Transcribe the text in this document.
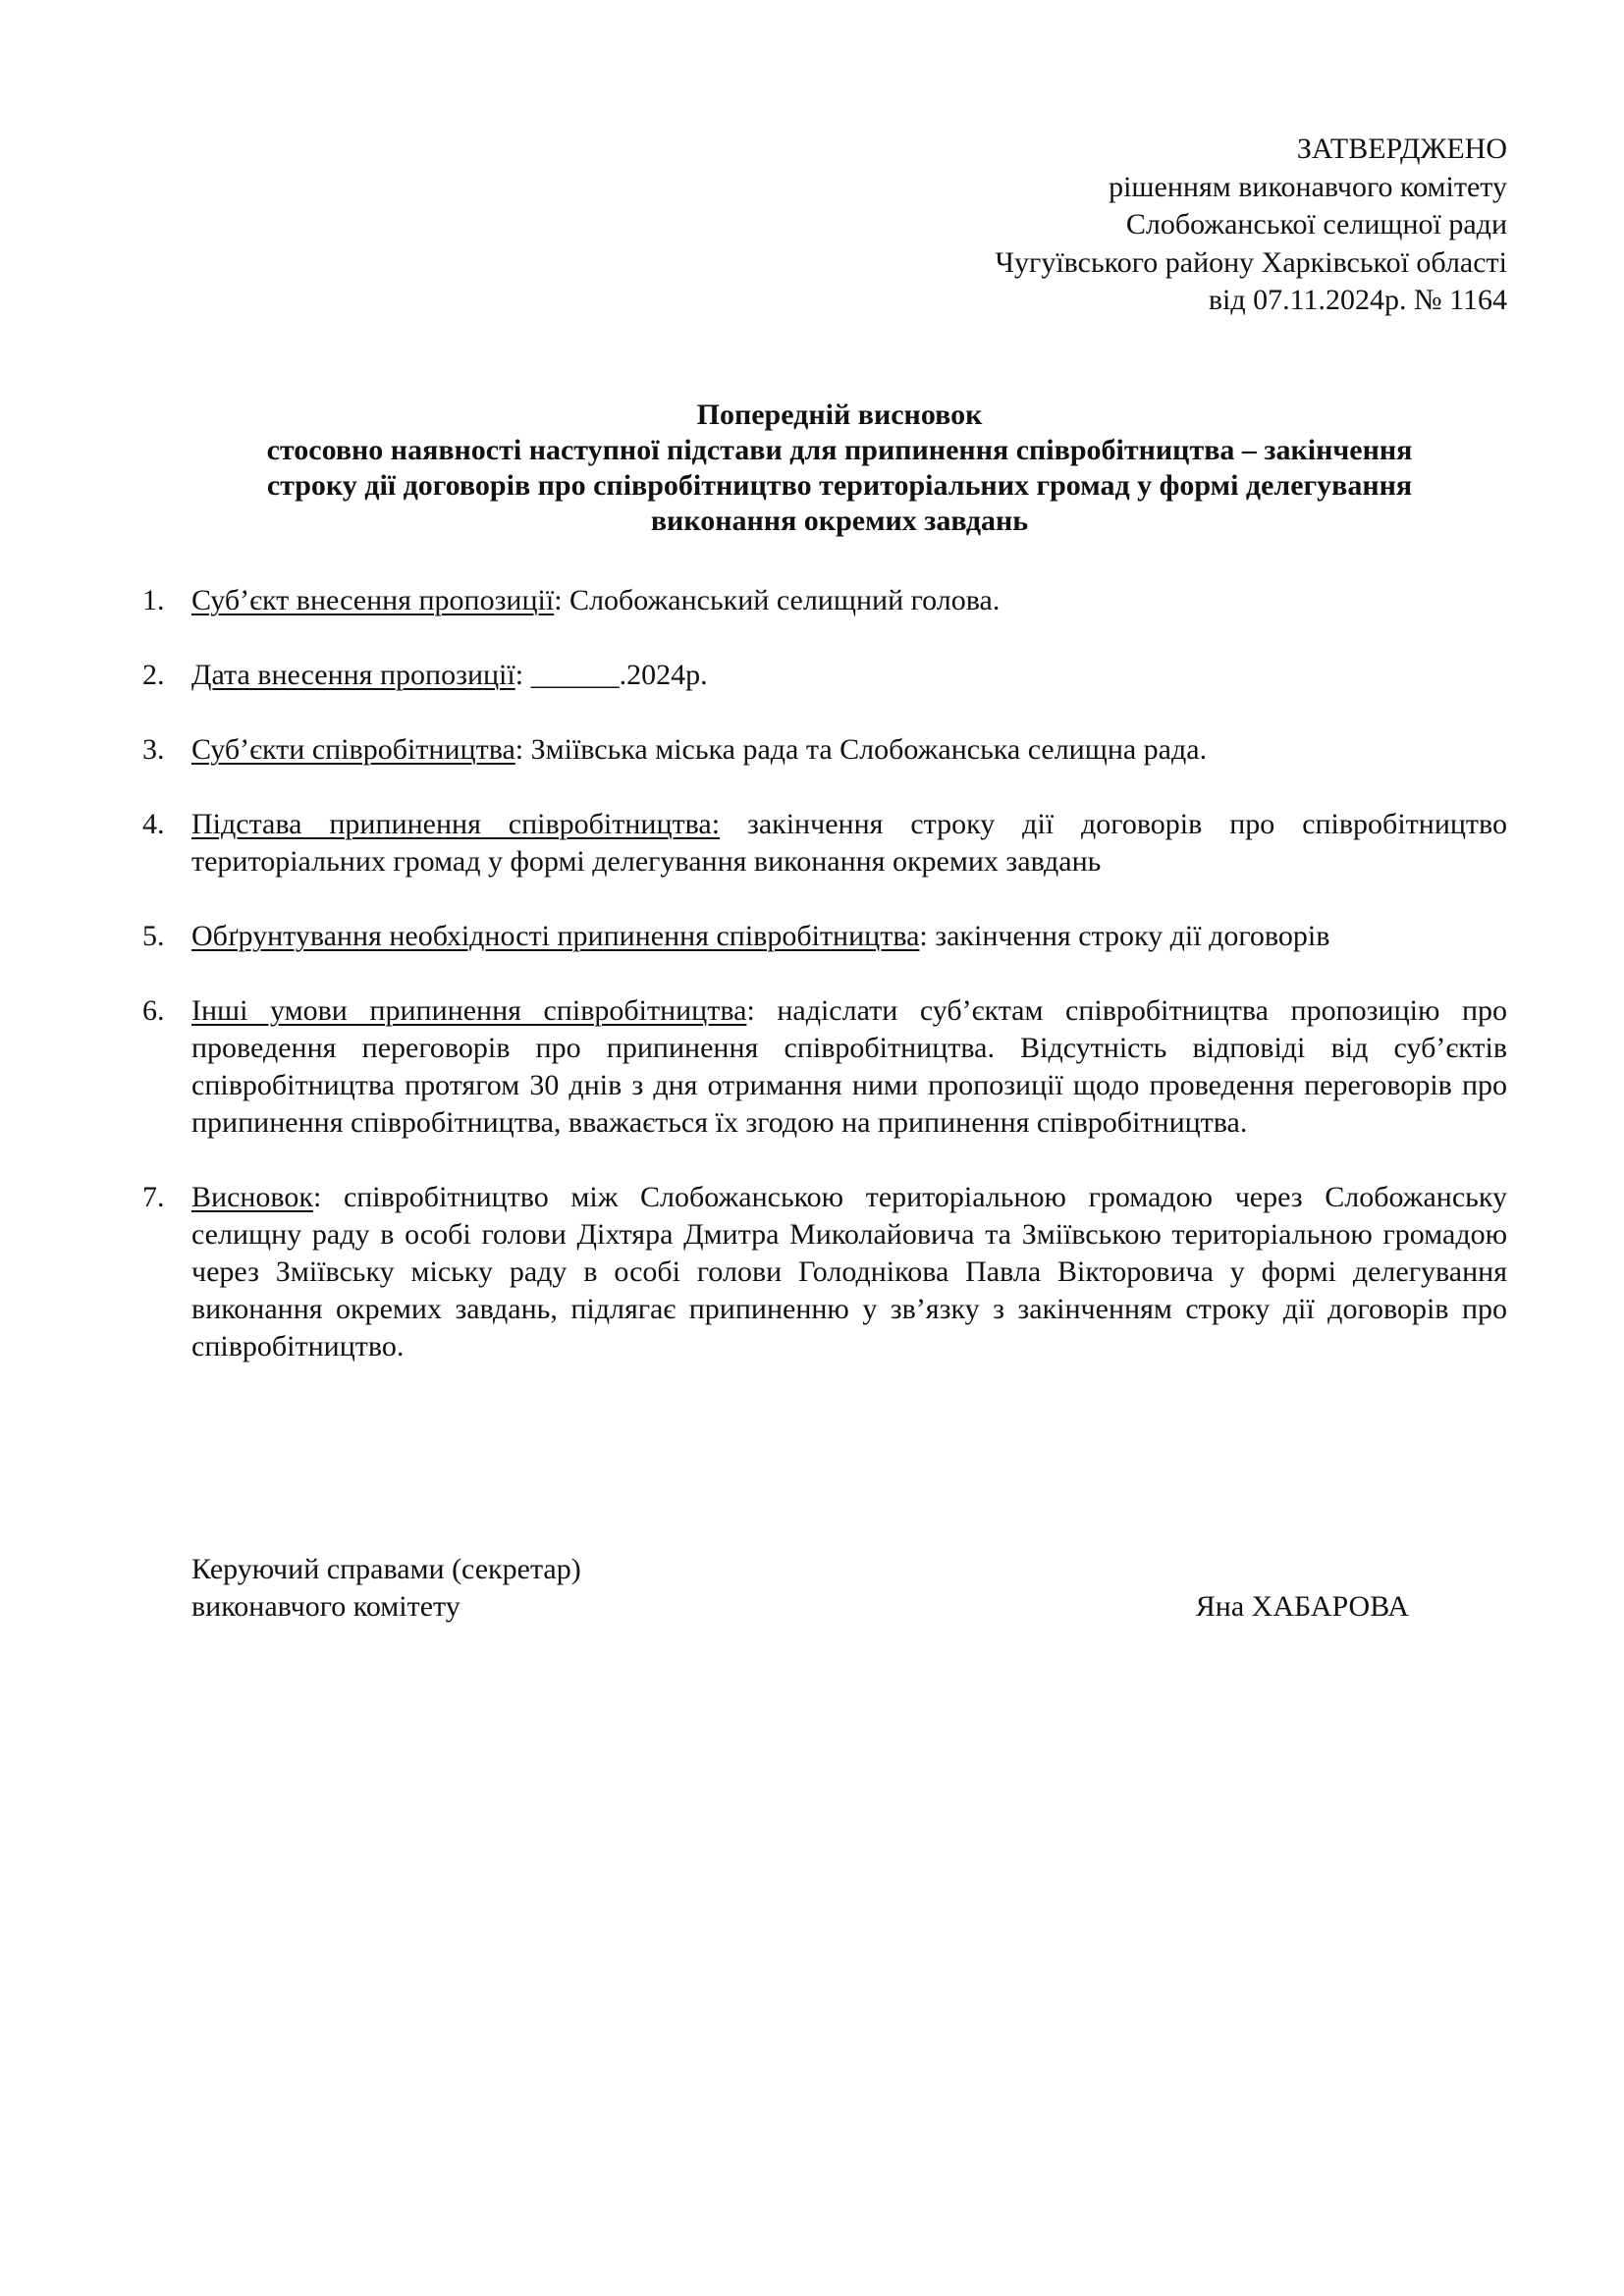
ЗАТВЕРДЖЕНО
рішенням виконавчого комітету
Слобожанської селищної ради
Чугуївського району Харківської області
від 07.11.2024р. № 1164
Попередній висновок
стосовно наявності наступної підстави для припинення співробітництва – закінчення
строку дії договорів про співробітництво територіальних громад у формі делегування
виконання окремих завдань
1. Суб’єкт внесення пропозиції: Слобожанський селищний голова.
2. Дата внесення пропозиції: ______.2024р.
3. Суб’єкти співробітництва: Зміївська міська рада та Слобожанська селищна рада.
4. Підстава припинення співробітництва: закінчення строку дії договорів про співробітництво територіальних громад у формі делегування виконання окремих завдань
5. Обґрунтування необхідності припинення співробітництва: закінчення строку дії договорів
6. Інші умови припинення співробітництва: надіслати суб’єктам співробітництва пропозицію про проведення переговорів про припинення співробітництва. Відсутність відповіді від суб’єктів співробітництва протягом 30 днів з дня отримання ними пропозиції щодо проведення переговорів про припинення співробітництва, вважається їх згодою на припинення співробітництва.
7. Висновок: співробітництво між Слобожанською територіальною громадою через Слобожанську селищну раду в особі голови Діхтяра Дмитра Миколайовича та Зміївською територіальною громадою через Зміївську міську раду в особі голови Голоднікова Павла Вікторовича у формі делегування виконання окремих завдань, підлягає припиненню у зв’язку з закінченням строку дії договорів про співробітництво.
Керуючий справами (секретар)
виконавчого комітету	Яна ХАБАРОВА
